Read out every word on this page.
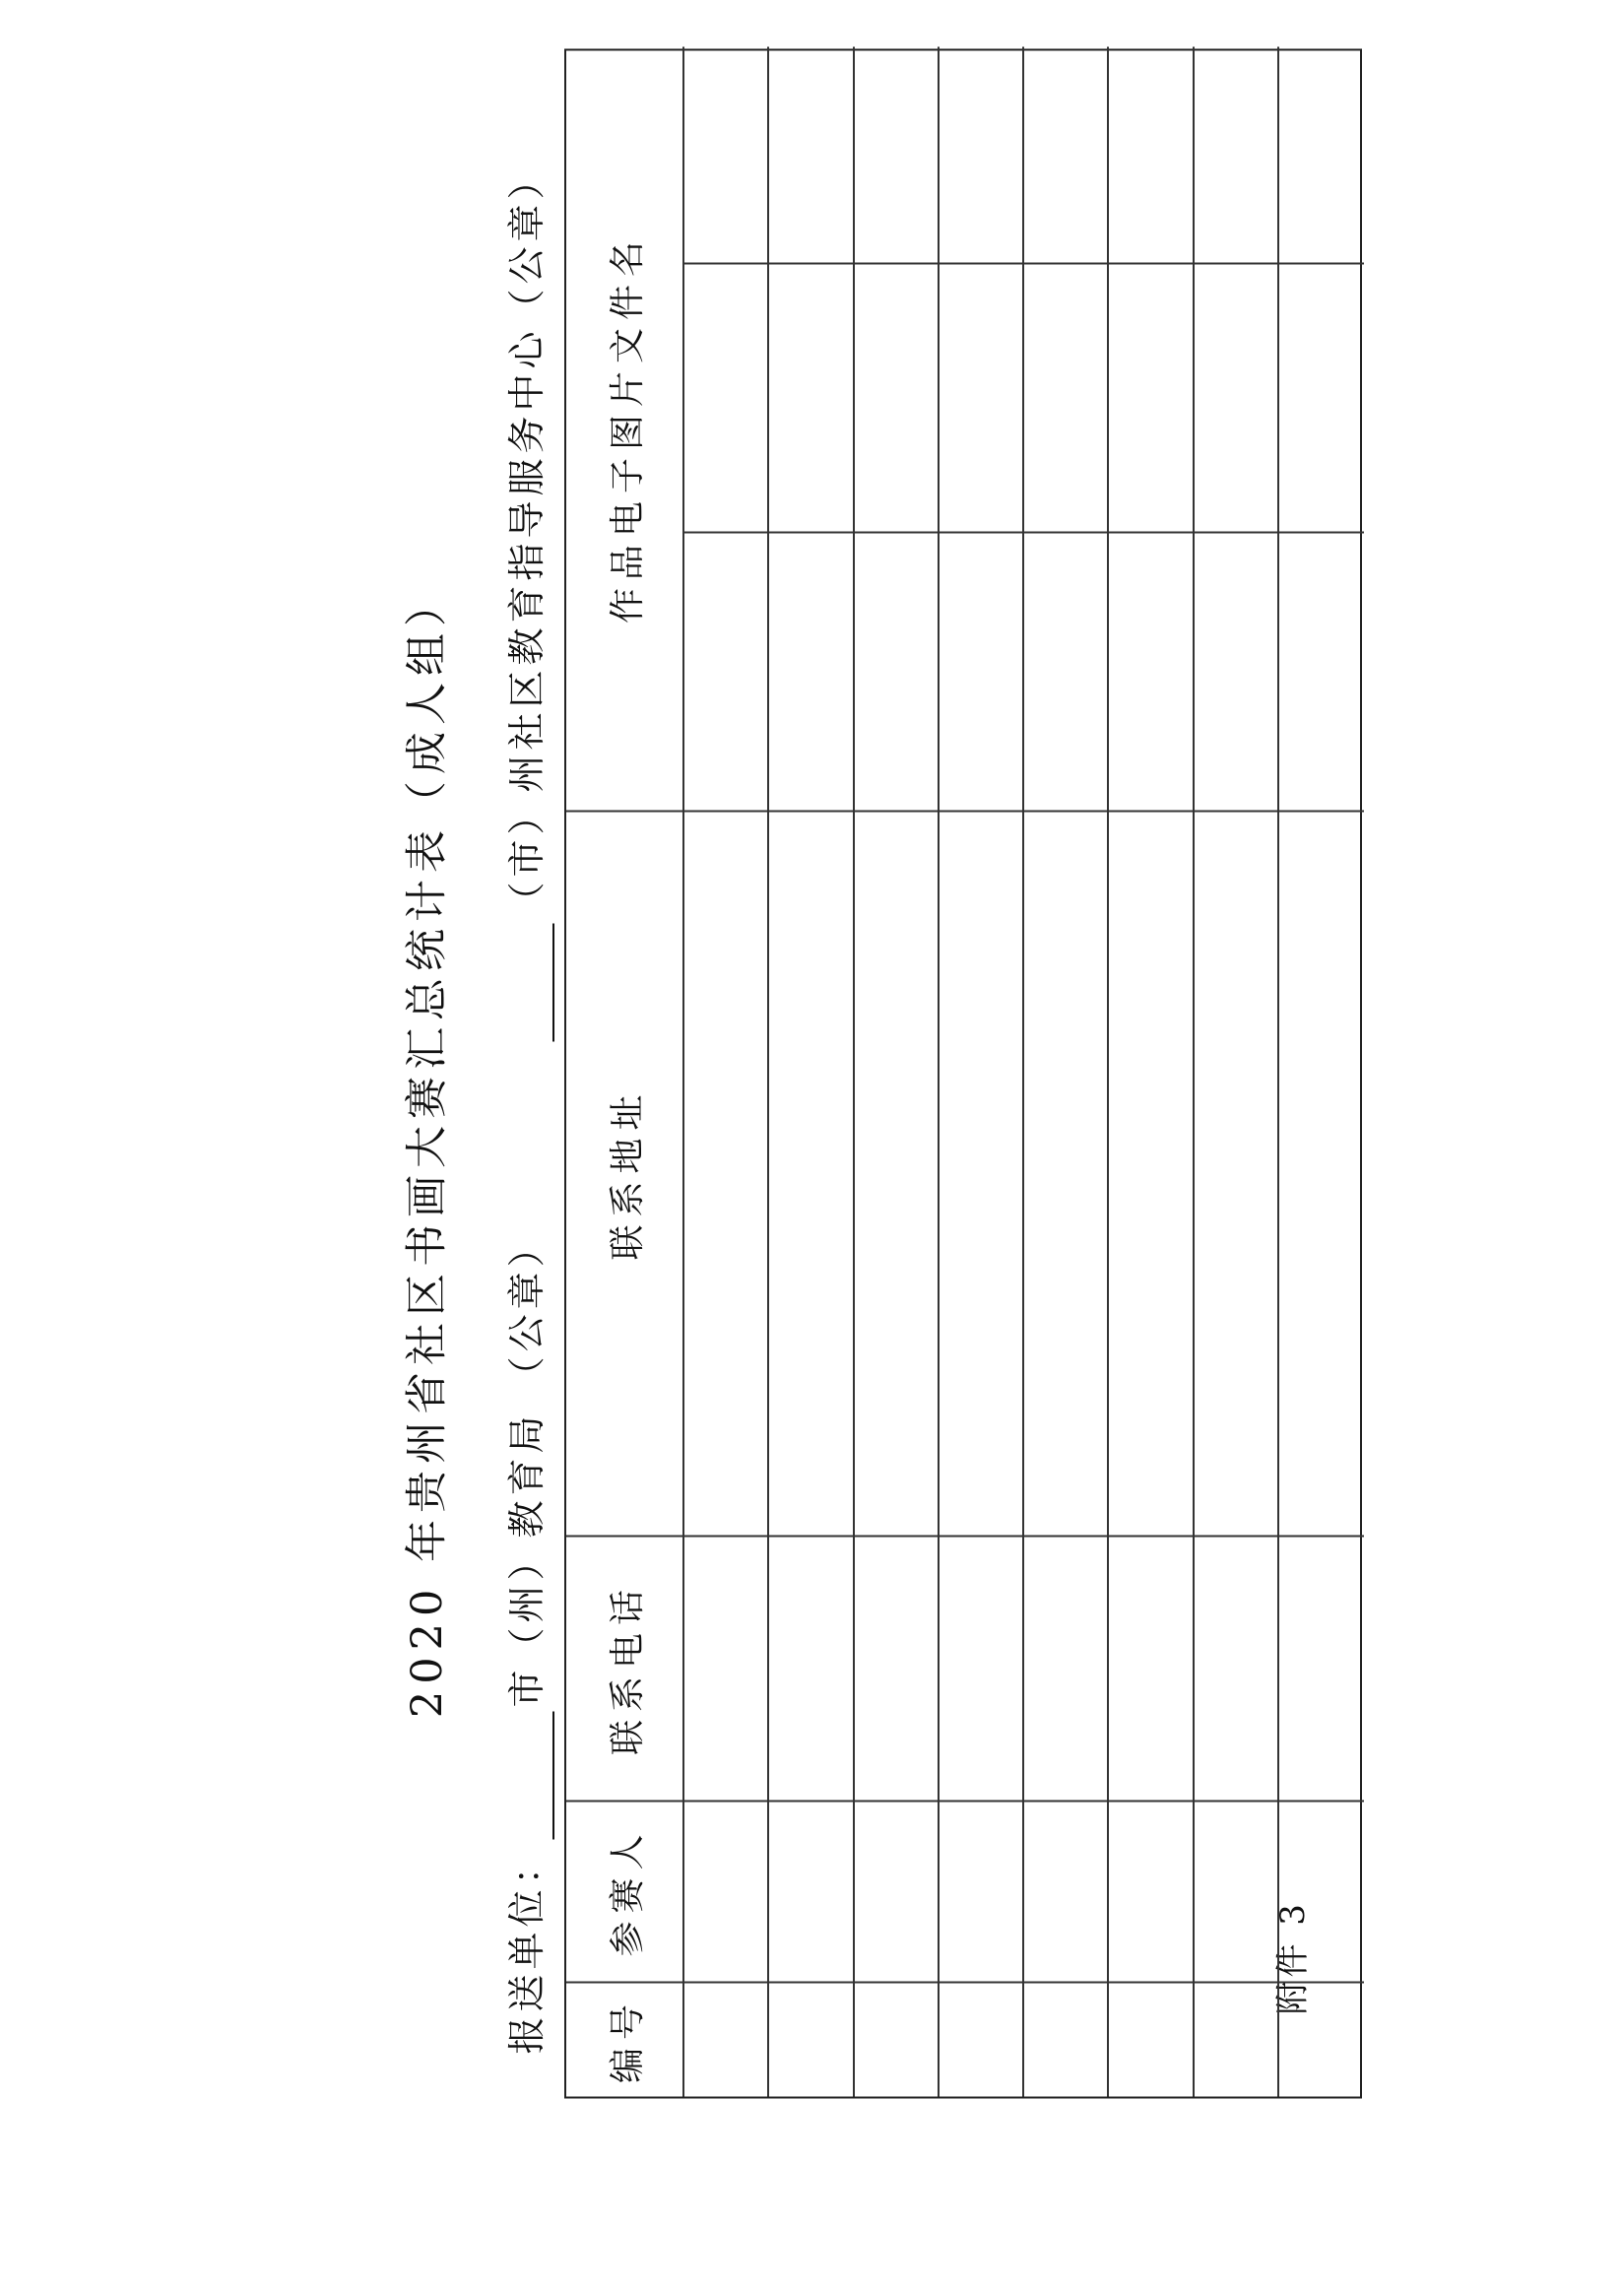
附件 3
2020 年贵州省社区书画大赛汇总统计表（成人组）
报送单位：
市（州）教育局 （公章）
（市）州社区教育指导服务中心（公章）
编号
参赛人
联系电话
联系地址
作品电子图片文件名
